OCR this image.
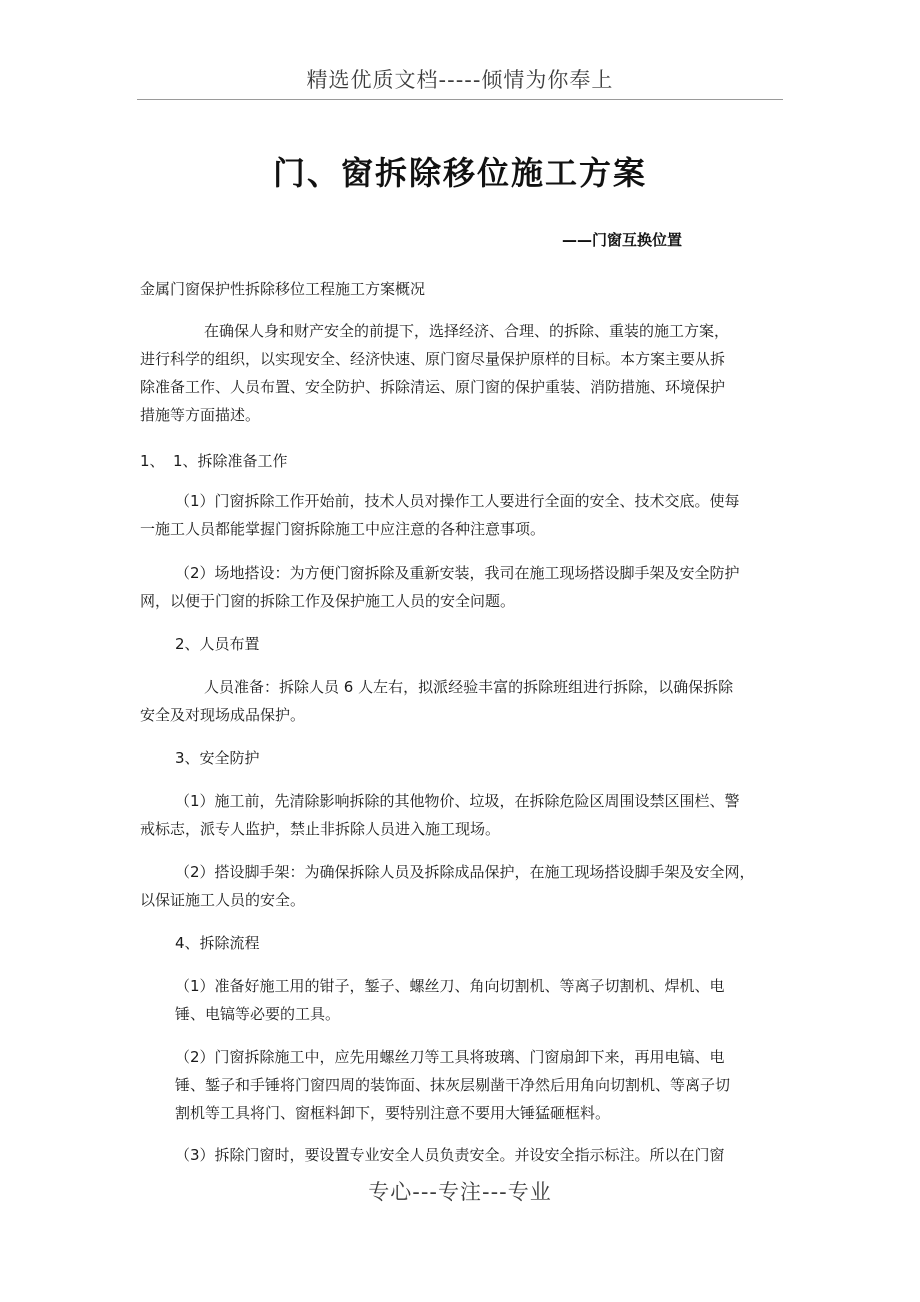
精选优质文档-----倾情为你奉上
门、窗拆除移位施工方案
——门窗互换位置
金属门窗保护性拆除移位工程施工方案概况
在确保人身和财产安全的前提下，选择经济、合理、的拆除、重装的施工方案，
进行科学的组织，以实现安全、经济快速、原门窗尽量保护原样的目标。本方案主要从拆
除准备工作、人员布置、安全防护、拆除清运、原门窗的保护重装、消防措施、环境保护
措施等方面描述。
1、 1、拆除准备工作
（1）门窗拆除工作开始前，技术人员对操作工人要进行全面的安全、技术交底。使每
一施工人员都能掌握门窗拆除施工中应注意的各种注意事项。
（2）场地搭设：为方便门窗拆除及重新安装，我司在施工现场搭设脚手架及安全防护
网，以便于门窗的拆除工作及保护施工人员的安全问题。
2、人员布置
人员准备：拆除人员 6 人左右，拟派经验丰富的拆除班组进行拆除，以确保拆除
安全及对现场成品保护。
3、安全防护
（1）施工前，先清除影响拆除的其他物价、垃圾，在拆除危险区周围设禁区围栏、警
戒标志，派专人监护，禁止非拆除人员进入施工现场。
（2）搭设脚手架：为确保拆除人员及拆除成品保护，在施工现场搭设脚手架及安全网，
以保证施工人员的安全。
4、拆除流程
（1）准备好施工用的钳子，錾子、螺丝刀、角向切割机、等离子切割机、焊机、电
锤、电镐等必要的工具。
（2）门窗拆除施工中，应先用螺丝刀等工具将玻璃、门窗扇卸下来，再用电镐、电
锤、錾子和手锤将门窗四周的装饰面、抹灰层剔凿干净然后用角向切割机、等离子切
割机等工具将门、窗框料卸下，要特别注意不要用大锤猛砸框料。
（3）拆除门窗时，要设置专业安全人员负责安全。并设安全指示标注。所以在门窗
专心---专注---专业
